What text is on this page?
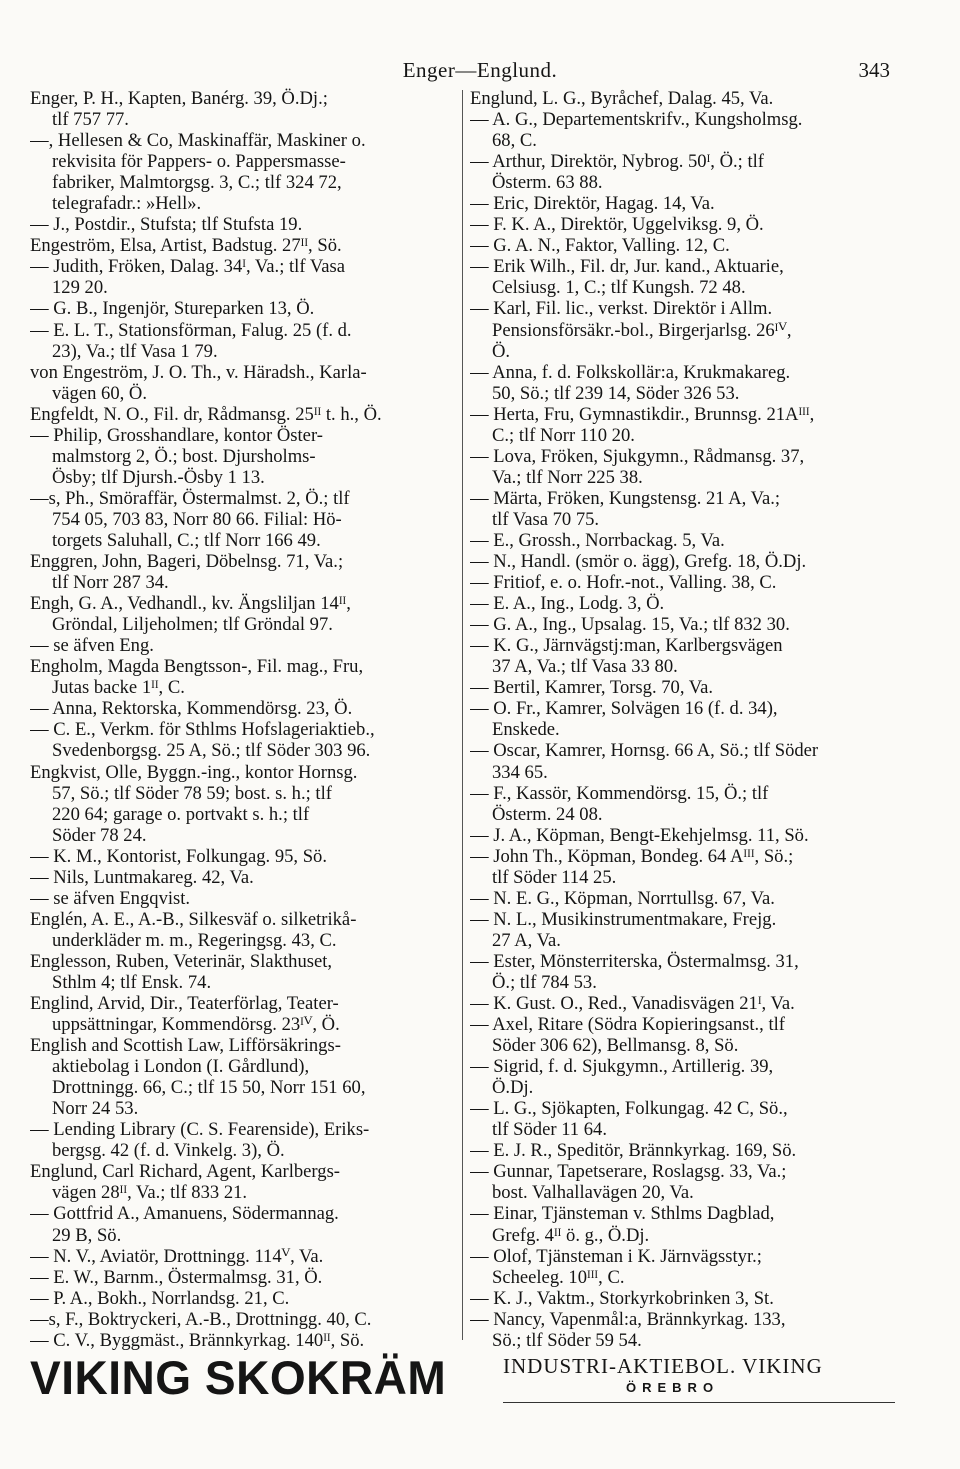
Enger—Englund.	343
Enger, P. H., Kapten, Banérg. 39, Ö.Dj.;
tlf 757 77.
—, Hellesen & Co, Maskinaffär, Maskiner o.
rekvisita för Pappers- o. Pappersmasse-
fabriker, Malmtorgsg. 3, C.; tlf 324 72,
telegrafadr.: »Hell».
— J., Postdir., Stufsta; tlf Stufsta 19.
Engeström, Elsa, Artist, Badstug. 27ᴵᴵ, Sö.
— Judith, Fröken, Dalag. 34ᴵ, Va.; tlf Vasa
129 20.
— G. B., Ingenjör, Stureparken 13, Ö.
— E. L. T., Stationsförman, Falug. 25 (f. d.
23), Va.; tlf Vasa 1 79.
von Engeström, J. O. Th., v. Häradsh., Karla-
vägen 60, Ö.
Engfeldt, N. O., Fil. dr, Rådmansg. 25ᴵᴵ t. h., Ö.
— Philip, Grosshandlare, kontor Öster-
malmstorg 2, Ö.; bost. Djursholms-
Ösby; tlf Djursh.-Ösby 1 13.
—s, Ph., Smöraffär, Östermalmst. 2, Ö.; tlf
754 05, 703 83, Norr 80 66. Filial: Hö-
torgets Saluhall, C.; tlf Norr 166 49.
Enggren, John, Bageri, Döbelnsg. 71, Va.;
tlf Norr 287 34.
Engh, G. A., Vedhandl., kv. Ängsliljan 14ᴵᴵ,
Gröndal, Liljeholmen; tlf Gröndal 97.
— se äfven Eng.
Engholm, Magda Bengtsson-, Fil. mag., Fru,
Jutas backe 1ᴵᴵ, C.
— Anna, Rektorska, Kommendörsg. 23, Ö.
— C. E., Verkm. för Sthlms Hofslageriaktieb.,
Svedenborgsg. 25 A, Sö.; tlf Söder 303 96.
Engkvist, Olle, Byggn.-ing., kontor Hornsg.
57, Sö.; tlf Söder 78 59; bost. s. h.; tlf
220 64; garage o. portvakt s. h.; tlf
Söder 78 24.
— K. M., Kontorist, Folkungag. 95, Sö.
— Nils, Luntmakareg. 42, Va.
— se äfven Engqvist.
Englén, A. E., A.-B., Silkesväf o. silketrikå-
underkläder m. m., Regeringsg. 43, C.
Englesson, Ruben, Veterinär, Slakthuset,
Sthlm 4; tlf Ensk. 74.
Englind, Arvid, Dir., Teaterförlag, Teater-
uppsättningar, Kommendörsg. 23ᴵⱽ, Ö.
English and Scottish Law, Lifförsäkrings-
aktiebolag i London (I. Gårdlund),
Drottningg. 66, C.; tlf 15 50, Norr 151 60,
Norr 24 53.
— Lending Library (C. S. Fearenside), Eriks-
bergsg. 42 (f. d. Vinkelg. 3), Ö.
Englund, Carl Richard, Agent, Karlbergs-
vägen 28ᴵᴵ, Va.; tlf 833 21.
— Gottfrid A., Amanuens, Södermannag.
29 B, Sö.
— N. V., Aviatör, Drottningg. 114ⱽ, Va.
— E. W., Barnm., Östermalmsg. 31, Ö.
— P. A., Bokh., Norrlandsg. 21, C.
—s, F., Boktryckeri, A.-B., Drottningg. 40, C.
— C. V., Byggmäst., Brännkyrkag. 140ᴵᴵ, Sö.
Englund, L. G., Byråchef, Dalag. 45, Va.
— A. G., Departementskrifv., Kungsholmsg.
68, C.
— Arthur, Direktör, Nybrog. 50ᴵ, Ö.; tlf
Österm. 63 88.
— Eric, Direktör, Hagag. 14, Va.
— F. K. A., Direktör, Uggelviksg. 9, Ö.
— G. A. N., Faktor, Valling. 12, C.
— Erik Wilh., Fil. dr, Jur. kand., Aktuarie,
Celsiusg. 1, C.; tlf Kungsh. 72 48.
— Karl, Fil. lic., verkst. Direktör i Allm.
Pensionsförsäkr.-bol., Birgerjarlsg. 26ᴵⱽ,
Ö.
— Anna, f. d. Folkskollär:a, Krukmakareg.
50, Sö.; tlf 239 14, Söder 326 53.
— Herta, Fru, Gymnastikdir., Brunnsg. 21Aᴵᴵᴵ,
C.; tlf Norr 110 20.
— Lova, Fröken, Sjukgymn., Rådmansg. 37,
Va.; tlf Norr 225 38.
— Märta, Fröken, Kungstensg. 21 A, Va.;
tlf Vasa 70 75.
— E., Grossh., Norrbackag. 5, Va.
— N., Handl. (smör o. ägg), Grefg. 18, Ö.Dj.
— Fritiof, e. o. Hofr.-not., Valling. 38, C.
— E. A., Ing., Lodg. 3, Ö.
— G. A., Ing., Upsalag. 15, Va.; tlf 832 30.
— K. G., Järnvägstj:man, Karlbergsvägen
37 A, Va.; tlf Vasa 33 80.
— Bertil, Kamrer, Torsg. 70, Va.
— O. Fr., Kamrer, Solvägen 16 (f. d. 34),
Enskede.
— Oscar, Kamrer, Hornsg. 66 A, Sö.; tlf Söder
334 65.
— F., Kassör, Kommendörsg. 15, Ö.; tlf
Österm. 24 08.
— J. A., Köpman, Bengt-Ekehjelmsg. 11, Sö.
— John Th., Köpman, Bondeg. 64 Aᴵᴵᴵ, Sö.;
tlf Söder 114 25.
— N. E. G., Köpman, Norrtullsg. 67, Va.
— N. L., Musikinstrumentmakare, Frejg.
27 A, Va.
— Ester, Mönsterriterska, Östermalmsg. 31,
Ö.; tlf 784 53.
— K. Gust. O., Red., Vanadisvägen 21ᴵ, Va.
— Axel, Ritare (Södra Kopieringsanst., tlf
Söder 306 62), Bellmansg. 8, Sö.
— Sigrid, f. d. Sjukgymn., Artillerig. 39,
Ö.Dj.
— L. G., Sjökapten, Folkungag. 42 C, Sö.,
tlf Söder 11 64.
— E. J. R., Speditör, Brännkyrkag. 169, Sö.
— Gunnar, Tapetserare, Roslagsg. 33, Va.;
bost. Valhallavägen 20, Va.
— Einar, Tjänsteman v. Sthlms Dagblad,
Grefg. 4ᴵᴵ ö. g., Ö.Dj.
— Olof, Tjänsteman i K. Järnvägsstyr.;
Scheeleg. 10ᴵᴵᴵ, C.
— K. J., Vaktm., Storkyrkobrinken 3, St.
— Nancy, Vapenmål:a, Brännkyrkag. 133,
Sö.; tlf Söder 59 54.
VIKING SKOKRÄM	INDUSTRI-AKTIEBOL. VIKING
ÖREBRO
